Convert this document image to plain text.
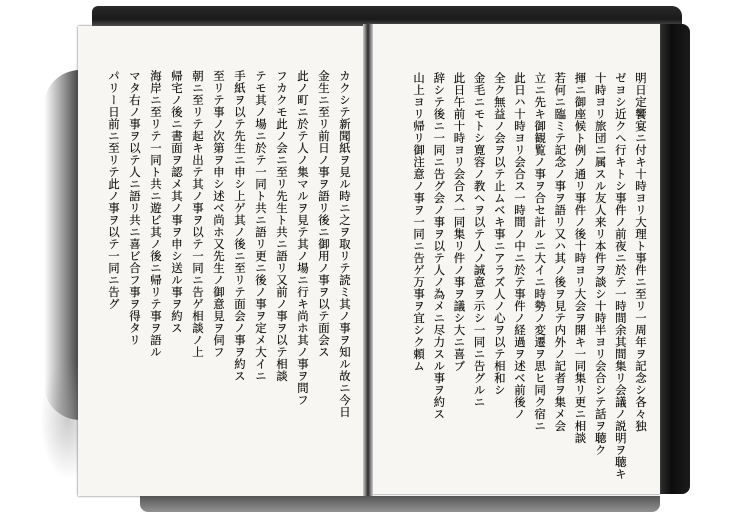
カクシテ新聞紙ヲ見ル時ニ之ヲ取リテ読ミ其ノ事ヲ知ル故ニ今日
金生ニ至リ前日ノ事ヲ語リ後ニ御用ノ事ヲ以テ面会ス
此ノ町ニ於テ人ノ集マルヲ見テ其ノ場ニ行キ尚ホ其ノ事ヲ問フ
フカクモ此ノ会ニ至リ先生ト共ニ語リ又前ノ事ヲ以テ相談
テモ其ノ場ニ於テ一同ト共ニ語リ更ニ後ノ事ヲ定メ大イニ
手紙ヲ以テ先生ニ申シ上ゲ其ノ後ニ至リテ面会ノ事ヲ約ス
至リテ事ノ次第ヲ申シ述ベ尚ホ又先生ノ御意見ヲ伺フ
朝ニ至リテ起キ出テ其ノ事ヲ以テ一同ニ告ゲ相談ノ上
帰宅ノ後ニ書面ヲ認メ其ノ事ヲ申シ送ル事ヲ約ス
海岸ニ至リテ一同ト共ニ遊ビ其ノ後ニ帰リテ事ヲ語ル
マタ右ノ事ヲ以テ人ニ語リ共ニ喜ビ合フ事ヲ得タリ
パリー日前ニ至リテ此ノ事ヲ以テ一同ニ告グ	明日定饗宴ニ付キ十時ヨリ大理ト事件ニ至リ一周年ヲ記念シ各々独
ゼヨシ近クヘ行キトシ事件ノ前夜ニ於テ一時間余其間集リ会議ノ説明ヲ聴キ
十時ヨリ旅団ニ属スル友人来リ本件ヲ談シ十時半ヨリ会合シテ話ヲ聴ク
揮ニ御座候ト例ノ通リ事件ノ後十時ヨリ大会ヲ開キ一同集リ更ニ相談
若何ニ臨ミテ記念ノ事ヲ語リ又ハ其ノ後ヲ見テ内外ノ記者ヲ集メ会
立ニ先キ御観覧ノ事ヲ合セ計ルニ大イニ時勢ノ変遷ヲ思ヒ同ク宿ニ
此日ハ十時ヨリ会合ス一時間ノ中ニ於テ事件ノ経過ヲ述ベ前後ノ
全ク無益ノ会ヲ以テ止ムベキ事ニアラズ人ノ心ヲ以テ相和シ
金毛ニモトシ寛容ノ教ヘヲ以テ人ノ誠意ヲ示シ一同ニ告グルニ
此日午前十時ヨリ会合ス一同集リ件ノ事ヲ議シ大ニ喜ブ
辞シテ後ニ一同ニ告グ会ノ事ヲ以テ人ノ為メニ尽力スル事ヲ約ス
山上ヨリ帰リ御注意ノ事ヲ一同ニ告ゲ万事ヲ宜シク頼ム
